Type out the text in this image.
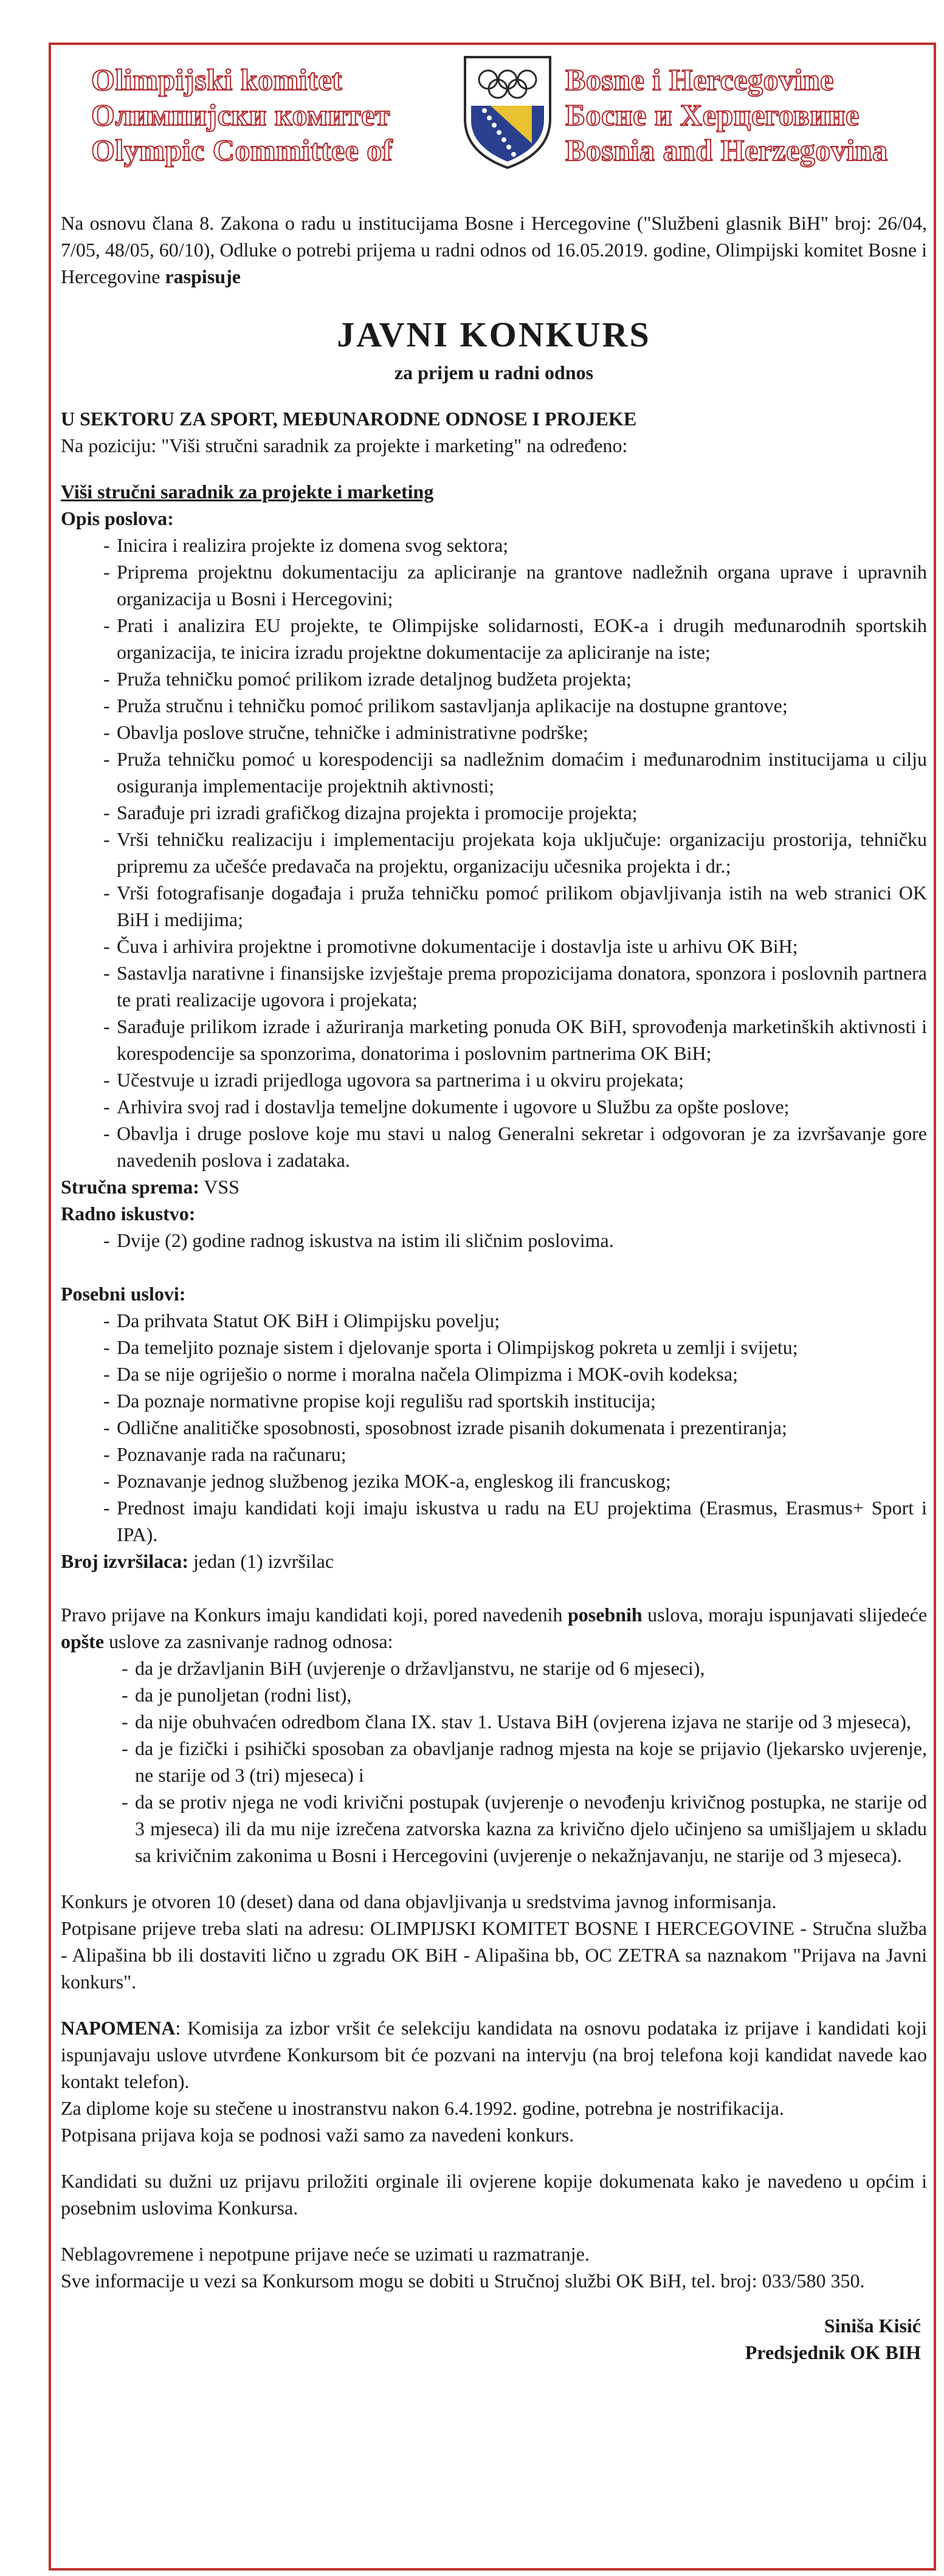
Olimpijski komitet
Олимпијски комитет
Olympic Committee of
Bosne i Hercegovine
Босне и Херцеговине
Bosnia and Herzegovina

Na osnovu člana 8. Zakona o radu u institucijama Bosne i Hercegovine ("Službeni glasnik BiH" broj: 26/04, 7/05, 48/05, 60/10), Odluke o potrebi prijema u radni odnos od 16.05.2019. godine, Olimpijski komitet Bosne i Hercegovine raspisuje

JAVNI KONKURS
za prijem u radni odnos
U SEKTORU ZA SPORT, MEĐUNARODNE ODNOSE I PROJEKE

Na poziciju: "Viši stručni saradnik za projekte i marketing" na određeno:

Viši stručni saradnik za projekte i marketing
Opis poslova:
- Inicira i realizira projekte iz domena svog sektora;
- Priprema projektnu dokumentaciju za apliciranje na grantove nadležnih organa uprave i upravnih organizacija u Bosni i Hercegovini;
- Prati i analizira EU projekte, te Olimpijske solidarnosti, EOK-a i drugih međunarodnih sportskih organizacija, te inicira izradu projektne dokumentacije za apliciranje na iste;
- Pruža tehničku pomoć prilikom izrade detaljnog budžeta projekta;
- Pruža stručnu i tehničku pomoć prilikom sastavljanja aplikacije na dostupne grantove;
- Obavlja poslove stručne, tehničke i administrativne podrške;
- Pruža tehničku pomoć u korespodenciji sa nadležnim domaćim i međunarodnim institucijama u cilju osiguranja implementacije projektnih aktivnosti;
- Sarađuje pri izradi grafičkog dizajna projekta i promocije projekta;
- Vrši tehničku realizaciju i implementaciju projekata koja uključuje: organizaciju prostorija, tehničku pripremu za učešće predavača na projektu, organizaciju učesnika projekta i dr.;
- Vrši fotografisanje događaja i pruža tehničku pomoć prilikom objavljivanja istih na web stranici OK BiH i medijima;
- Čuva i arhivira projektne i promotivne dokumentacije i dostavlja iste u arhivu OK BiH;
- Sastavlja narativne i finansijske izvještaje prema propozicijama donatora, sponzora i poslovnih partnera te prati realizacije ugovora i projekata;
- Sarađuje prilikom izrade i ažuriranja marketing ponuda OK BiH, sprovođenja marketinških aktivnosti i korespodencije sa sponzorima, donatorima i poslovnim partnerima OK BiH;
- Učestvuje u izradi prijedloga ugovora sa partnerima i u okviru projekata;
- Arhivira svoj rad i dostavlja temeljne dokumente i ugovore u Službu za opšte poslove;
- Obavlja i druge poslove koje mu stavi u nalog Generalni sekretar i odgovoran je za izvršavanje gore navedenih poslova i zadataka.
Stručna sprema: VSS
Radno iskustvo:
- Dvije (2) godine radnog iskustva na istim ili sličnim poslovima.
Posebni uslovi:
- Da prihvata Statut OK BiH i Olimpijsku povelju;
- Da temeljito poznaje sistem i djelovanje sporta i Olimpijskog pokreta u zemlji i svijetu;
- Da se nije ogriješio o norme i moralna načela Olimpizma i MOK-ovih kodeksa;
- Da poznaje normativne propise koji regulišu rad sportskih institucija;
- Odlične analitičke sposobnosti, sposobnost izrade pisanih dokumenata i prezentiranja;
- Poznavanje rada na računaru;
- Poznavanje jednog službenog jezika MOK-a, engleskog ili francuskog;
- Prednost imaju kandidati koji imaju iskustva u radu na EU projektima (Erasmus, Erasmus+ Sport i IPA).
Broj izvršilaca: jedan (1) izvršilac

Pravo prijave na Konkurs imaju kandidati koji, pored navedenih posebnih uslova, moraju ispunjavati slijedeće opšte uslove za zasnivanje radnog odnosa:

- da je državljanin BiH (uvjerenje o državljanstvu, ne starije od 6 mjeseci),
- da je punoljetan (rodni list),
- da nije obuhvaćen odredbom člana IX. stav 1. Ustava BiH (ovjerena izjava ne starije od 3 mjeseca),
- da je fizički i psihički sposoban za obavljanje radnog mjesta na koje se prijavio (ljekarsko uvjerenje, ne starije od 3 (tri) mjeseca) i
- da se protiv njega ne vodi krivični postupak (uvjerenje o nevođenju krivičnog postupka, ne starije od 3 mjeseca) ili da mu nije izrečena zatvorska kazna za krivično djelo učinjeno sa umišljajem u skladu sa krivičnim zakonima u Bosni i Hercegovini (uvjerenje o nekažnjavanju, ne starije od 3 mjeseca).

Konkurs je otvoren 10 (deset) dana od dana objavljivanja u sredstvima javnog informisanja.

Potpisane prijeve treba slati na adresu: OLIMPIJSKI KOMITET BOSNE I HERCEGOVINE - Stručna služba - Alipašina bb ili dostaviti lično u zgradu OK BiH - Alipašina bb, OC ZETRA sa naznakom "Prijava na Javni konkurs".

NAPOMENA: Komisija za izbor vršit će selekciju kandidata na osnovu podataka iz prijave i kandidati koji ispunjavaju uslove utvrđene Konkursom bit će pozvani na intervju (na broj telefona koji kandidat navede kao kontakt telefon).

Za diplome koje su stečene u inostranstvu nakon 6.4.1992. godine, potrebna je nostrifikacija.

Potpisana prijava koja se podnosi važi samo za navedeni konkurs.

Kandidati su dužni uz prijavu priložiti orginale ili ovjerene kopije dokumenata kako je navedeno u općim i posebnim uslovima Konkursa.

Neblagovremene i nepotpune prijave neće se uzimati u razmatranje.

Sve informacije u vezi sa Konkursom mogu se dobiti u Stručnoj službi OK BiH, tel. broj: 033/580 350.

Siniša Kisić
Predsjednik OK BIH
